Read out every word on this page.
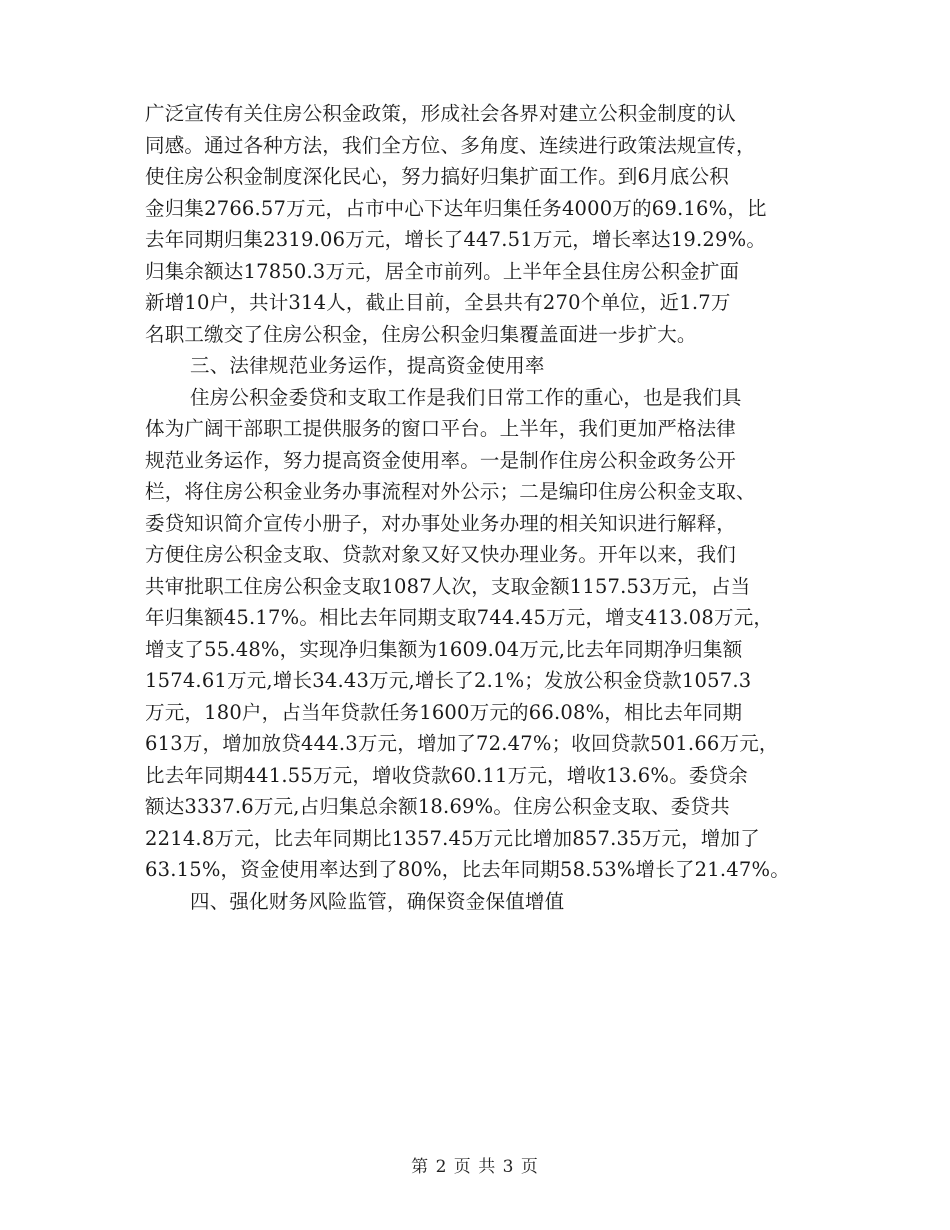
广泛宣传有关住房公积金政策，形成社会各界对建立公积金制度的认
同感。通过各种方法，我们全方位、多角度、连续进行政策法规宣传，
使住房公积金制度深化民心，努力搞好归集扩面工作。到6月底公积
金归集2766.57万元，占市中心下达年归集任务4000万的69.16%，比
去年同期归集2319.06万元，增长了447.51万元，增长率达19.29%。
归集余额达17850.3万元，居全市前列。上半年全县住房公积金扩面
新增10户，共计314人，截止目前，全县共有270个单位，近1.7万
名职工缴交了住房公积金，住房公积金归集覆盖面进一步扩大。
三、法律规范业务运作，提高资金使用率
住房公积金委贷和支取工作是我们日常工作的重心，也是我们具
体为广阔干部职工提供服务的窗口平台。上半年，我们更加严格法律
规范业务运作，努力提高资金使用率。一是制作住房公积金政务公开
栏，将住房公积金业务办事流程对外公示；二是编印住房公积金支取、
委贷知识简介宣传小册子，对办事处业务办理的相关知识进行解释，
方便住房公积金支取、贷款对象又好又快办理业务。开年以来，我们
共审批职工住房公积金支取1087人次，支取金额1157.53万元，占当
年归集额45.17%。相比去年同期支取744.45万元，增支413.08万元，
增支了55.48%，实现净归集额为1609.04万元,比去年同期净归集额
1574.61万元,增长34.43万元,增长了2.1%；发放公积金贷款1057.3
万元，180户，占当年贷款任务1600万元的66.08%，相比去年同期
613万，增加放贷444.3万元，增加了72.47%；收回贷款501.66万元，
比去年同期441.55万元，增收贷款60.11万元，增收13.6%。委贷余
额达3337.6万元,占归集总余额18.69%。住房公积金支取、委贷共
2214.8万元，比去年同期比1357.45万元比增加857.35万元，增加了
63.15%，资金使用率达到了80%，比去年同期58.53%增长了21.47%。
四、强化财务风险监管，确保资金保值增值
第 2 页 共 3 页
